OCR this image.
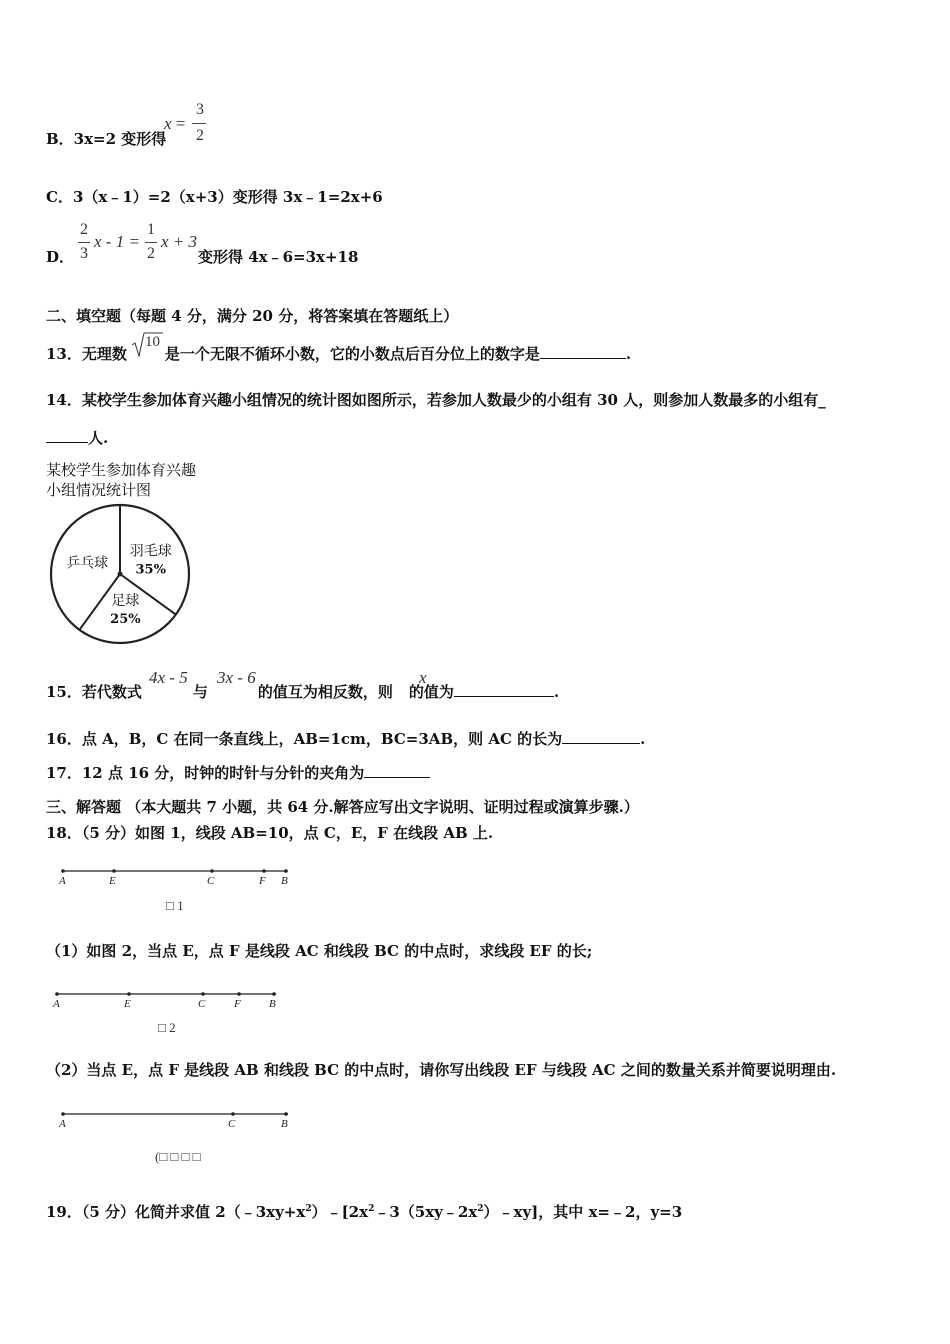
B．3x=2 变形得
x =
3
2
C．3（x﹣1）=2（x+3）变形得 3x﹣1=2x+6
D．
2
3
x - 1 =
1
2
x + 3
变形得 4x﹣6=3x+18
二、填空题（每题 4 分，满分 20 分，将答案填在答题纸上）
13．无理数	是一个无限不循环小数，它的小数点后百分位上的数字是	.
10
14．某校学生参加体育兴趣小组情况的统计图如图所示，若参加人数最少的小组有 30 人，则参加人数最多的小组有_
人.
某校学生参加体育兴趣
小组情况统计图
乒乓球
羽毛球
35%
足球
25%
15．若代数式	与	的值互为相反数，则 的值为	.
4x - 5 3x - 6	x
16．点 A，B，C 在同一条直线上，AB=1cm，BC=3AB，则 AC 的长为	.
17．12 点 16 分，时钟的时针与分针的夹角为
三、解答题 （本大题共 7 小题，共 64 分.解答应写出文字说明、证明过程或演算步骤.）
18．（5 分）如图 1，线段 AB=10，点 C，E，F 在线段 AB 上.
A	E	C	F B
□ 1
（1）如图 2，当点 E，点 F 是线段 AC 和线段 BC 的中点时，求线段 EF 的长;
A	E	C	F	B
□ 2
（2）当点 E，点 F 是线段 AB 和线段 BC 的中点时，请你写出线段 EF 与线段 AC 之间的数量关系并简要说明理由.
A	C	B
(□ □ □ □
19．（5 分）化简并求值 $2(﹣3xy+x^2)﹣[2x^2﹣3(5xy﹣2x^2)﹣xy]$，其中 x=﹣2，y=3
